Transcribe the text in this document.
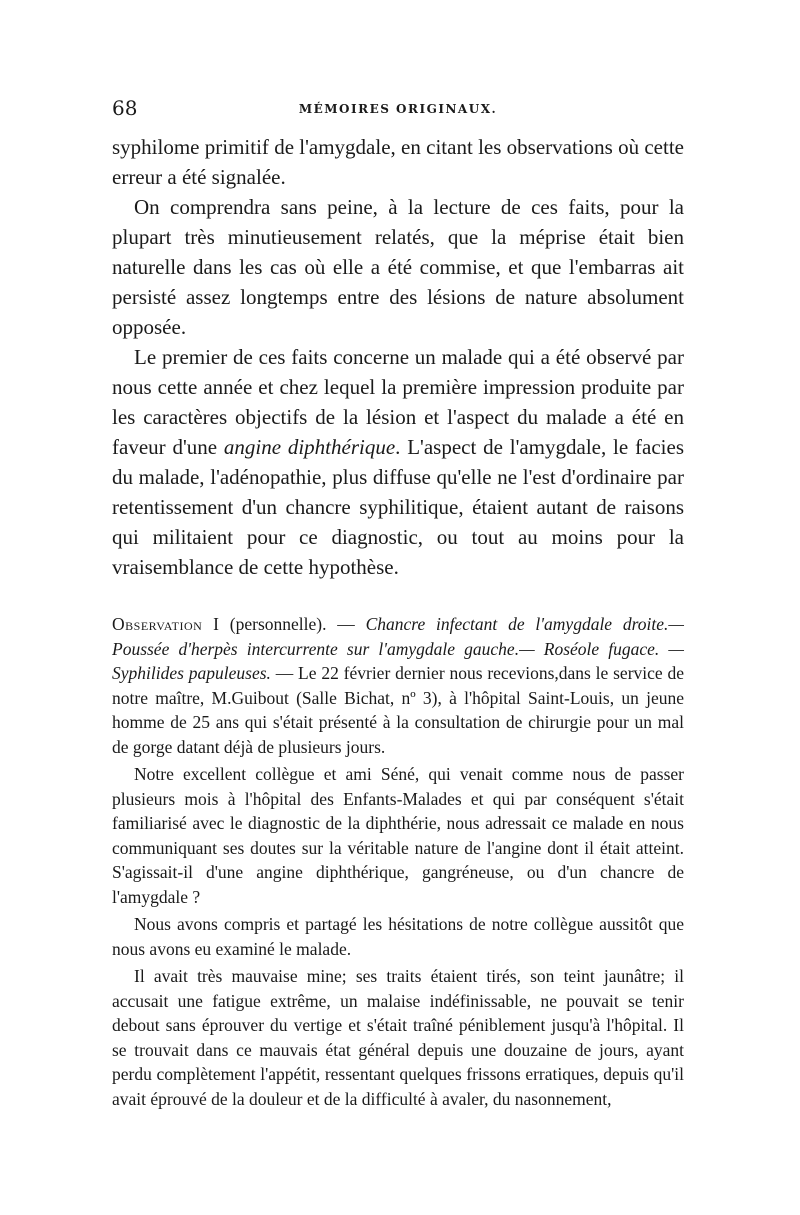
68	MÉMOIRES ORIGINAUX.

syphilome primitif de l'amygdale, en citant les observations où cette erreur a été signalée.

On comprendra sans peine, à la lecture de ces faits, pour la plupart très minutieusement relatés, que la méprise était bien naturelle dans les cas où elle a été commise, et que l'embarras ait persisté assez longtemps entre des lésions de nature absolument opposée.

Le premier de ces faits concerne un malade qui a été observé par nous cette année et chez lequel la première impression produite par les caractères objectifs de la lésion et l'aspect du malade a été en faveur d'une angine diphthérique. L'aspect de l'amygdale, le facies du malade, l'adénopathie, plus diffuse qu'elle ne l'est d'ordinaire par retentissement d'un chancre syphilitique, étaient autant de raisons qui militaient pour ce diagnostic, ou tout au moins pour la vraisemblance de cette hypothèse.

Observation I (personnelle). — Chancre infectant de l'amygdale droite.— Poussée d'herpès intercurrente sur l'amygdale gauche.— Roséole fugace. — Syphilides papuleuses. — Le 22 février dernier nous recevions,dans le service de notre maître, M.Guibout (Salle Bichat, nº 3), à l'hôpital Saint-Louis, un jeune homme de 25 ans qui s'était présenté à la consultation de chirurgie pour un mal de gorge datant déjà de plusieurs jours.

Notre excellent collègue et ami Séné, qui venait comme nous de passer plusieurs mois à l'hôpital des Enfants-Malades et qui par conséquent s'était familiarisé avec le diagnostic de la diphthérie, nous adressait ce malade en nous communiquant ses doutes sur la véritable nature de l'angine dont il était atteint. S'agissait-il d'une angine diphthérique, gangréneuse, ou d'un chancre de l'amygdale ?

Nous avons compris et partagé les hésitations de notre collègue aussitôt que nous avons eu examiné le malade.

Il avait très mauvaise mine; ses traits étaient tirés, son teint jaunâtre; il accusait une fatigue extrême, un malaise indéfinissable, ne pouvait se tenir debout sans éprouver du vertige et s'était traîné péniblement jusqu'à l'hôpital. Il se trouvait dans ce mauvais état général depuis une douzaine de jours, ayant perdu complètement l'appétit, ressentant quelques frissons erratiques, depuis qu'il avait éprouvé de la douleur et de la difficulté à avaler, du nasonnement,
